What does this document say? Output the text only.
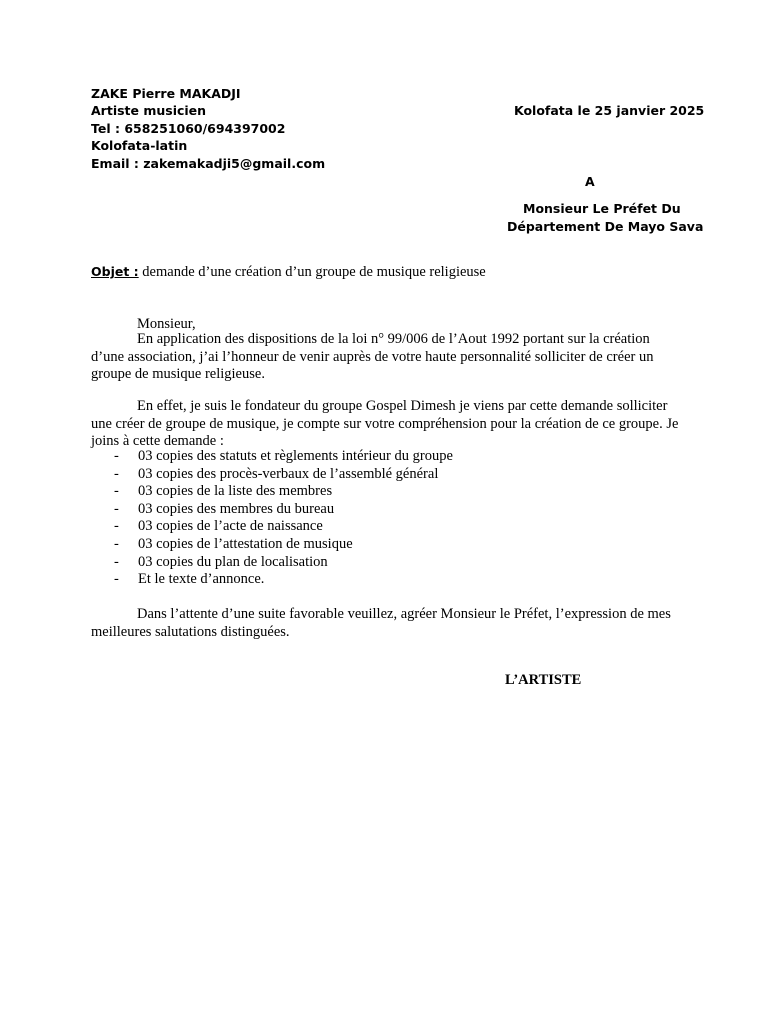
ZAKE Pierre MAKADJI
Artiste musicien
Tel : 658251060/694397002
Kolofata-latin
Email : zakemakadji5@gmail.com
Kolofata le 25 janvier 2025
A
Monsieur Le Préfet Du
Département De Mayo Sava
Objet : demande d’une création d’un groupe de musique religieuse
Monsieur,
En application des dispositions de la loi n° 99/006 de l’Aout 1992 portant sur la création d’une association, j’ai l’honneur de venir auprès de votre haute personnalité solliciter de créer un groupe de musique religieuse.
En effet, je suis le fondateur du groupe Gospel Dimesh je viens par cette demande solliciter une créer de groupe de musique, je compte sur votre compréhension pour la création de ce groupe. Je joins à cette demande :
- 03 copies des statuts et règlements intérieur du groupe
- 03 copies des procès-verbaux de l’assemblé général
- 03 copies de la liste des membres
- 03 copies des membres du bureau
- 03 copies de l’acte de naissance
- 03 copies de l’attestation de musique
- 03 copies du plan de localisation
- Et le texte d’annonce.
Dans l’attente d’une suite favorable veuillez, agréer Monsieur le Préfet, l’expression de mes meilleures salutations distinguées.
L’ARTISTE
